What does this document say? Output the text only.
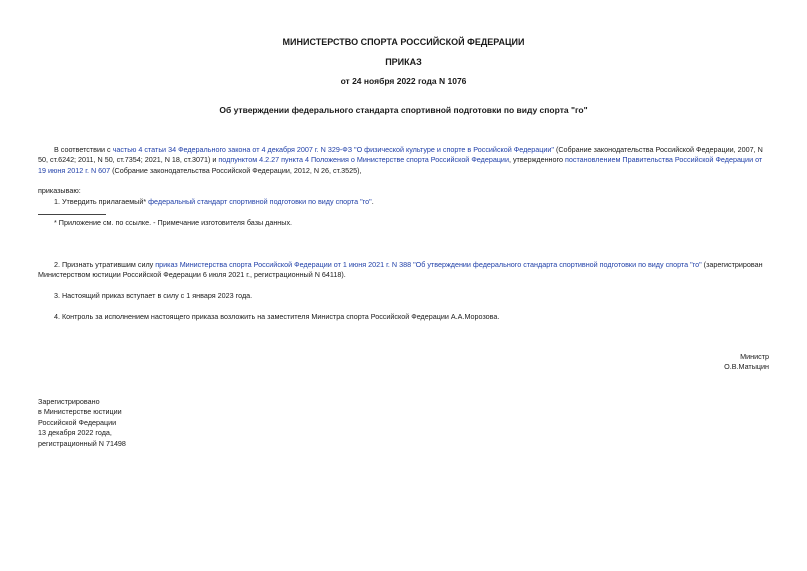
МИНИСТЕРСТВО СПОРТА РОССИЙСКОЙ ФЕДЕРАЦИИ
ПРИКАЗ
от 24 ноября 2022 года N 1076
Об утверждении федерального стандарта спортивной подготовки по виду спорта "го"
В соответствии с частью 4 статьи 34 Федерального закона от 4 декабря 2007 г. N 329-ФЗ "О физической культуре и спорте в Российской Федерации" (Собрание законодательства Российской Федерации, 2007, N 50, ст.6242; 2011, N 50, ст.7354; 2021, N 18, ст.3071) и подпунктом 4.2.27 пункта 4 Положения о Министерстве спорта Российской Федерации, утвержденного постановлением Правительства Российской Федерации от 19 июня 2012 г. N 607 (Собрание законодательства Российской Федерации, 2012, N 26, ст.3525),
приказываю:
1. Утвердить прилагаемый* федеральный стандарт спортивной подготовки по виду спорта "го".
* Приложение см. по ссылке. - Примечание изготовителя базы данных.
2. Признать утратившим силу приказ Министерства спорта Российской Федерации от 1 июня 2021 г. N 388 "Об утверждении федерального стандарта спортивной подготовки по виду спорта "го" (зарегистрирован Министерством юстиции Российской Федерации 6 июля 2021 г., регистрационный N 64118).
3. Настоящий приказ вступает в силу с 1 января 2023 года.
4. Контроль за исполнением настоящего приказа возложить на заместителя Министра спорта Российской Федерации А.А.Морозова.
Министр
О.В.Матыцин
Зарегистрировано
в Министерстве юстиции
Российской Федерации
13 декабря 2022 года,
регистрационный N 71498
